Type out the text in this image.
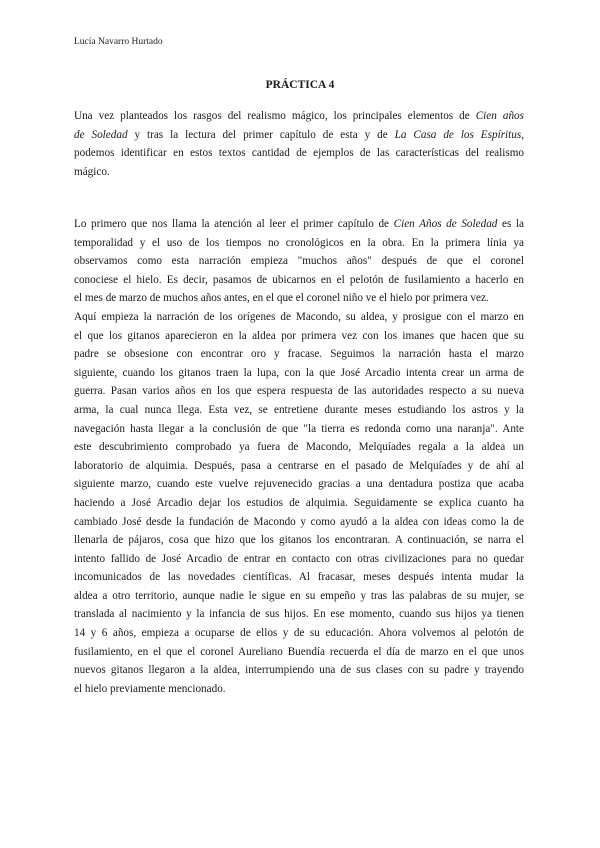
Lucía Navarro Hurtado
PRÁCTICA 4
Una vez planteados los rasgos del realismo mágico, los principales elementos de Cien años
de Soledad y tras la lectura del primer capítulo de esta y de La Casa de los Espíritus,
podemos identificar en estos textos cantidad de ejemplos de las características del realismo
mágico.
Lo primero que nos llama la atención al leer el primer capítulo de Cien Años de Soledad es la
temporalidad y el uso de los tiempos no cronológicos en la obra. En la primera línia ya
observamos como esta narración empieza "muchos años" después de que el coronel
conociese el hielo. Es decir, pasamos de ubicarnos en el pelotón de fusilamiento a hacerlo en
el mes de marzo de muchos años antes, en el que el coronel niño ve el hielo por primera vez.
Aquí empieza la narración de los orígenes de Macondo, su aldea, y prosigue con el marzo en
el que los gitanos aparecieron en la aldea por primera vez con los imanes que hacen que su
padre se obsesione con encontrar oro y fracase. Seguimos la narración hasta el marzo
siguiente, cuando los gitanos traen la lupa, con la que José Arcadio intenta crear un arma de
guerra. Pasan varios años en los que espera respuesta de las autoridades respecto a su nueva
arma, la cual nunca llega. Esta vez, se entretiene durante meses estudiando los astros y la
navegación hasta llegar a la conclusión de que "la tierra es redonda como una naranja". Ante
este descubrimiento comprobado ya fuera de Macondo, Melquíades regala a la aldea un
laboratorio de alquimia. Después, pasa a centrarse en el pasado de Melquíades y de ahí al
siguiente marzo, cuando este vuelve rejuvenecido gracias a una dentadura postiza que acaba
haciendo a José Arcadio dejar los estudios de alquimia. Seguidamente se explica cuanto ha
cambiado José desde la fundación de Macondo y como ayudó a la aldea con ideas como la de
llenarla de pájaros, cosa que hizo que los gitanos los encontraran. A continuación, se narra el
intento fallido de José Arcadio de entrar en contacto con otras civilizaciones para no quedar
incomunicados de las novedades científicas. Al fracasar, meses después intenta mudar la
aldea a otro territorio, aunque nadie le sigue en su empeño y tras las palabras de su mujer, se
translada al nacimiento y la infancia de sus hijos. En ese momento, cuando sus hijos ya tienen
14 y 6 años, empieza a ocuparse de ellos y de su educación. Ahora volvemos al pelotón de
fusilamiento, en el que el coronel Aureliano Buendía recuerda el día de marzo en el que unos
nuevos gitanos llegaron a la aldea, interrumpiendo una de sus clases con su padre y trayendo
el hielo previamente mencionado.
